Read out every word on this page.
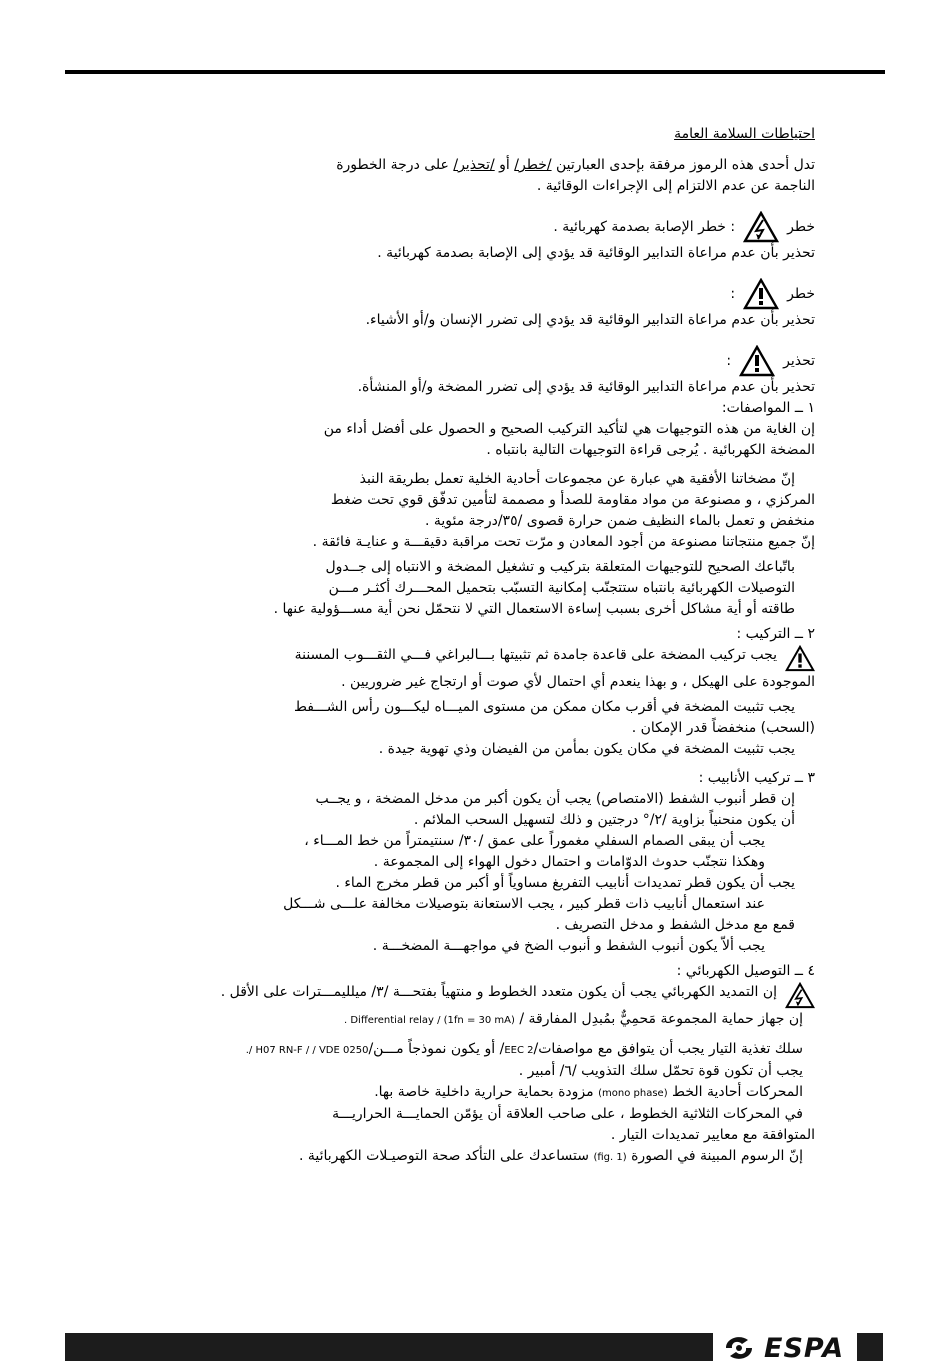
احتياطات السلامة العامة
تدل أحدى هذه الرموز مرفقة بإحدى العبارتين /خطر/ أو /تحذير/ على درجة الخطورة
الناجمة عن عدم الالتزام إلى الإجراءات الوقائية .
خطر
: خطر الإصابة بصدمة كهربائية .
تحذير بأن عدم مراعاة التدابير الوقائية قد يؤدي إلى الإصابة بصدمة كهربائية .
خطر
:
تحذير بأن عدم مراعاة التدابير الوقائية قد يؤدي إلى تضرر الإنسان و/أو الأشياء.
تحذير
:
تحذير بأن عدم مراعاة التدابير الوقائية قد يؤدي إلى تضرر المضخة و/أو المنشأة.
١ ــ المواصفات:
إن الغاية من هذه التوجيهات هي لتأكيد التركيب الصحيح و الحصول على أفضل أداء من
المضخة الكهربائية . يُرجى قراءة التوجيهات التالية بانتباه .
إنّ مضخاتنا الأفقية هي عبارة عن مجموعات أحادية الخلية تعمل بطريقة النبذ
المركزي ، و مصنوعة من مواد مقاومة للصدأ و مصممة لتأمين تدفّق قوي تحت ضغط
منخفض و تعمل بالماء النظيف ضمن حرارة قصوى /٣٥/درجة مئوية .
إنّ جميع منتجاتنا مصنوعة من أجود المعادن و مرّت تحت مراقبة دقيقـــة و عنايـة فائقة .
باتّباعك الصحيح للتوجيهات المتعلقة بتركيب و تشغيل المضخة و الانتباه إلى جــدول
التوصيلات الكهربائية بانتباه ستتجنّب إمكانية التسبّب بتحميل المحـــرك أكثـر مـــن
طاقته أو أية مشاكل أخرى بسبب إساءة الاستعمال التي لا نتحمّل نحن أية مســـؤولية عنها .
٢ ــ التركيب :
يجب تركيب المضخة على قاعدة جامدة ثم تثبيتها بـــالبراغي فـــي الثقـــوب المسننة
الموجودة على الهيكل ، و بهذا ينعدم أي احتمال لأي صوت أو ارتجاج غير ضروريين .
يجب تثبيت المضخة في أقرب مكان ممكن من مستوى الميـــاه ليكـــون رأس الشـــفط
(السحب) منخفضاً قدر الإمكان .
يجب تثبيت المضخة في مكان يكون بمأمن من الفيضان وذي تهوية جيدة .
٣ ــ تركيب الأنابيب :
إن قطر أنبوب الشفط (الامتصاص) يجب أن يكون أكبر من مدخل المضخة ، و يجــب
أن يكون منحنياً بزاوية /٢/° درجتين و ذلك لتسهيل السحب الملائم .
يجب أن يبقى الصمام السفلي مغموراً على عمق /٣٠/ سنتيمتراً من خط المـــاء ،
وهكذا نتجنّب حدوث الدوّامات و احتمال دخول الهواء إلى المجموعة .
يجب أن يكون قطر تمديدات أنابيب التفريغ مساوياً أو أكبر من قطر مخرج الماء .
عند استعمال أنابيب ذات قطر كبير ، يجب الاستعانة بتوصيلات مخالفة علـــى شـــكل
قمع مع مدخل الشفط و مدخل التصريف .
يجب ألاّ يكون أنبوب الشفط و أنبوب الضخ في مواجهـــة المضخـــة .
٤ ــ التوصيل الكهربائي :
إن التمديد الكهربائي يجب أن يكون متعدد الخطوط و منتهياً بفتحـــة /٣/ ميلليمـــترات على الأقل .
إن جهاز حماية المجموعة مَحمِيٌّ بمُبدِل المفارقة / Differential relay / (1fn = 30 mA) .
سلك تغذية التيار يجب أن يتوافق مع مواصفات/EEC 2/ أو يكون نموذجاً مـــن/H07 RN-F / / VDE 0250 /.
يجب أن تكون قوة تحمّل سلك التذويب /٦/ أمبير .
المحركات أحادية الخط (mono phase) مزودة بحماية حرارية داخلية خاصة بها.
في المحركات الثلاثية الخطوط ، على صاحب العلاقة أن يؤمّن الحمايـــة الحراريـــة
المتوافقة مع معايير تمديدات التيار .
إنّ الرسوم المبينة في الصورة (fig. 1) ستساعدك على التأكد صحة التوصيـلات الكهربائية .
ESPA
